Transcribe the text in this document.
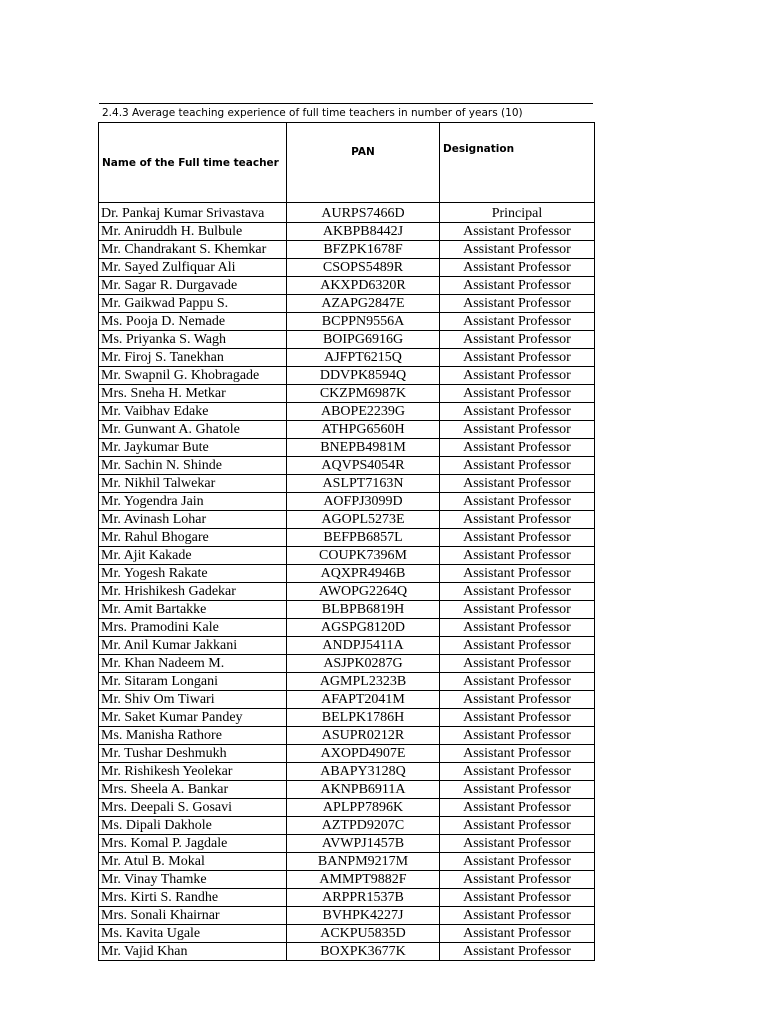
2.4.3 Average teaching experience of full time teachers in number of years (10)
Name of the Full time teacher	PAN	Designation
Dr. Pankaj Kumar Srivastava	AURPS7466D	Principal
Mr. Aniruddh H. Bulbule	AKBPB8442J	Assistant Professor
Mr. Chandrakant S. Khemkar	BFZPK1678F	Assistant Professor
Mr. Sayed Zulfiquar Ali	CSOPS5489R	Assistant Professor
Mr. Sagar R. Durgavade	AKXPD6320R	Assistant Professor
Mr. Gaikwad Pappu S.	AZAPG2847E	Assistant Professor
Ms. Pooja D. Nemade	BCPPN9556A	Assistant Professor
Ms. Priyanka S. Wagh	BOIPG6916G	Assistant Professor
Mr. Firoj S. Tanekhan	AJFPT6215Q	Assistant Professor
Mr. Swapnil G. Khobragade	DDVPK8594Q	Assistant Professor
Mrs. Sneha H. Metkar	CKZPM6987K	Assistant Professor
Mr. Vaibhav Edake	ABOPE2239G	Assistant Professor
Mr. Gunwant A. Ghatole	ATHPG6560H	Assistant Professor
Mr. Jaykumar Bute	BNEPB4981M	Assistant Professor
Mr. Sachin N. Shinde	AQVPS4054R	Assistant Professor
Mr. Nikhil Talwekar	ASLPT7163N	Assistant Professor
Mr. Yogendra Jain	AOFPJ3099D	Assistant Professor
Mr. Avinash Lohar	AGOPL5273E	Assistant Professor
Mr. Rahul Bhogare	BEFPB6857L	Assistant Professor
Mr. Ajit Kakade	COUPK7396M	Assistant Professor
Mr. Yogesh Rakate	AQXPR4946B	Assistant Professor
Mr. Hrishikesh Gadekar	AWOPG2264Q	Assistant Professor
Mr. Amit Bartakke	BLBPB6819H	Assistant Professor
Mrs. Pramodini Kale	AGSPG8120D	Assistant Professor
Mr. Anil Kumar Jakkani	ANDPJ5411A	Assistant Professor
Mr. Khan Nadeem M.	ASJPK0287G	Assistant Professor
Mr. Sitaram Longani	AGMPL2323B	Assistant Professor
Mr. Shiv Om Tiwari	AFAPT2041M	Assistant Professor
Mr. Saket Kumar Pandey	BELPK1786H	Assistant Professor
Ms. Manisha Rathore	ASUPR0212R	Assistant Professor
Mr. Tushar Deshmukh	AXOPD4907E	Assistant Professor
Mr. Rishikesh Yeolekar	ABAPY3128Q	Assistant Professor
Mrs. Sheela A. Bankar	AKNPB6911A	Assistant Professor
Mrs. Deepali S. Gosavi	APLPP7896K	Assistant Professor
Ms. Dipali Dakhole	AZTPD9207C	Assistant Professor
Mrs. Komal P. Jagdale	AVWPJ1457B	Assistant Professor
Mr. Atul B. Mokal	BANPM9217M	Assistant Professor
Mr. Vinay Thamke	AMMPT9882F	Assistant Professor
Mrs. Kirti S. Randhe	ARPPR1537B	Assistant Professor
Mrs. Sonali Khairnar	BVHPK4227J	Assistant Professor
Ms. Kavita Ugale	ACKPU5835D	Assistant Professor
Mr. Vajid Khan	BOXPK3677K	Assistant Professor
